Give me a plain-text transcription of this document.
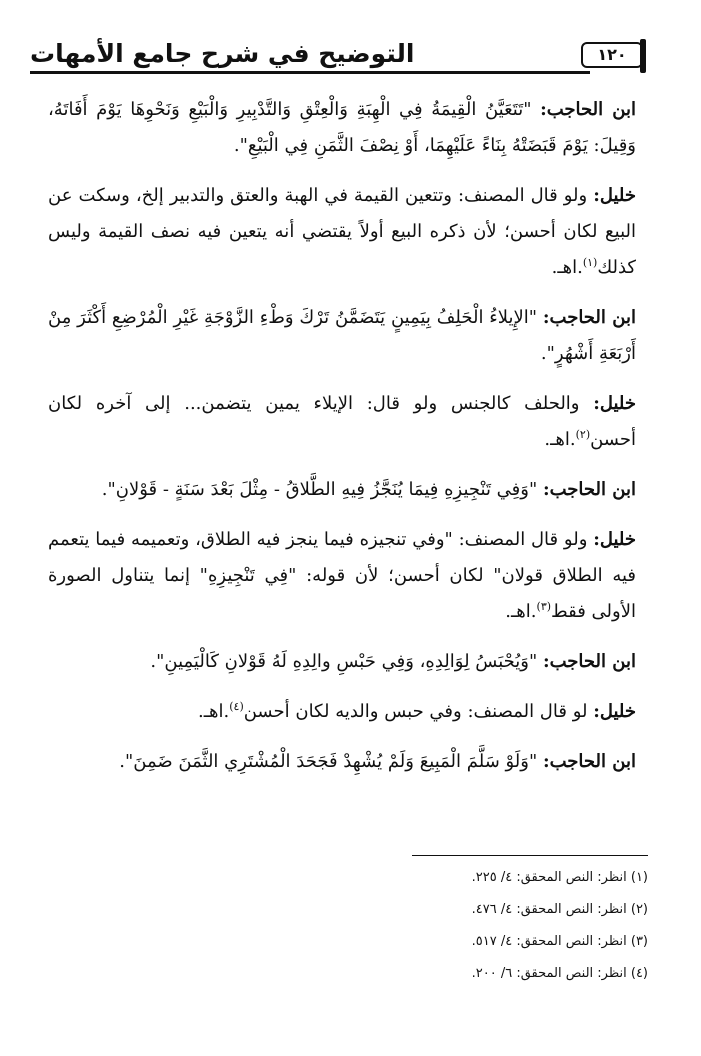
التوضيح في شرح جامع الأمهات	١٢٠

ابن الحاجب: "تَتَعَيَّنُ الْقِيمَةُ فِي الْهِبَةِ وَالْعِتْقِ وَالتَّدْبِيرِ وَالْبَيْعِ وَنَحْوِهَا يَوْمَ أَفَاتَهُ، وَقِيلَ: يَوْمَ قَبَضَتْهُ بِنَاءً عَلَيْهِمَا، أَوْ نِصْفَ الثَّمَنِ فِي الْبَيْعِ".

خليل: ولو قال المصنف: وتتعين القيمة في الهبة والعتق والتدبير إلخ، وسكت عن البيع لكان أحسن؛ لأن ذكره البيع أولاً يقتضي أنه يتعين فيه نصف القيمة وليس كذلك$^{(١)}$.اهـ.

ابن الحاجب: "الإِيلاءُ الْحَلِفُ بِيَمِينٍ يَتَضَمَّنُ تَرْكَ وَطْءِ الزَّوْجَةِ غَيْرِ الْمُرْضِعِ أَكْثَرَ مِنْ أَرْبَعَةِ أَشْهُرٍ".

خليل: والحلف كالجنس ولو قال: الإيلاء يمين يتضمن... إلى آخره لكان أحسن$^{(٢)}$.اهـ.

ابن الحاجب: "وَفِي تَنْجِيزِهِ فِيمَا يُنَجَّزُ فِيهِ الطَّلاقُ - مِثْلَ بَعْدَ سَنَةٍ - قَوْلانِ".

خليل: ولو قال المصنف: "وفي تنجيزه فيما ينجز فيه الطلاق، وتعميمه فيما يتعمم فيه الطلاق قولان" لكان أحسن؛ لأن قوله: "فِي تَنْجِيزِهِ" إنما يتناول الصورة الأولى فقط$^{(٣)}$.اهـ.

ابن الحاجب: "وَيُحْبَسُ لِوَالِدِهِ، وَفِي حَبْسِ والِدِهِ لَهُ قَوْلانِ كَالْيَمِينِ".

خليل: لو قال المصنف: وفي حبس والديه لكان أحسن$^{(٤)}$.اهـ.

ابن الحاجب: "وَلَوْ سَلَّمَ الْمَبِيعَ وَلَمْ يُشْهِدْ فَجَحَدَ الْمُشْتَرِي الثَّمَنَ ضَمِنَ".

(١) انظر: النص المحقق: ٤/ ٢٢٥.
(٢) انظر: النص المحقق: ٤/ ٤٧٦.
(٣) انظر: النص المحقق: ٤/ ٥١٧.
(٤) انظر: النص المحقق: ٦/ ٢٠٠.
